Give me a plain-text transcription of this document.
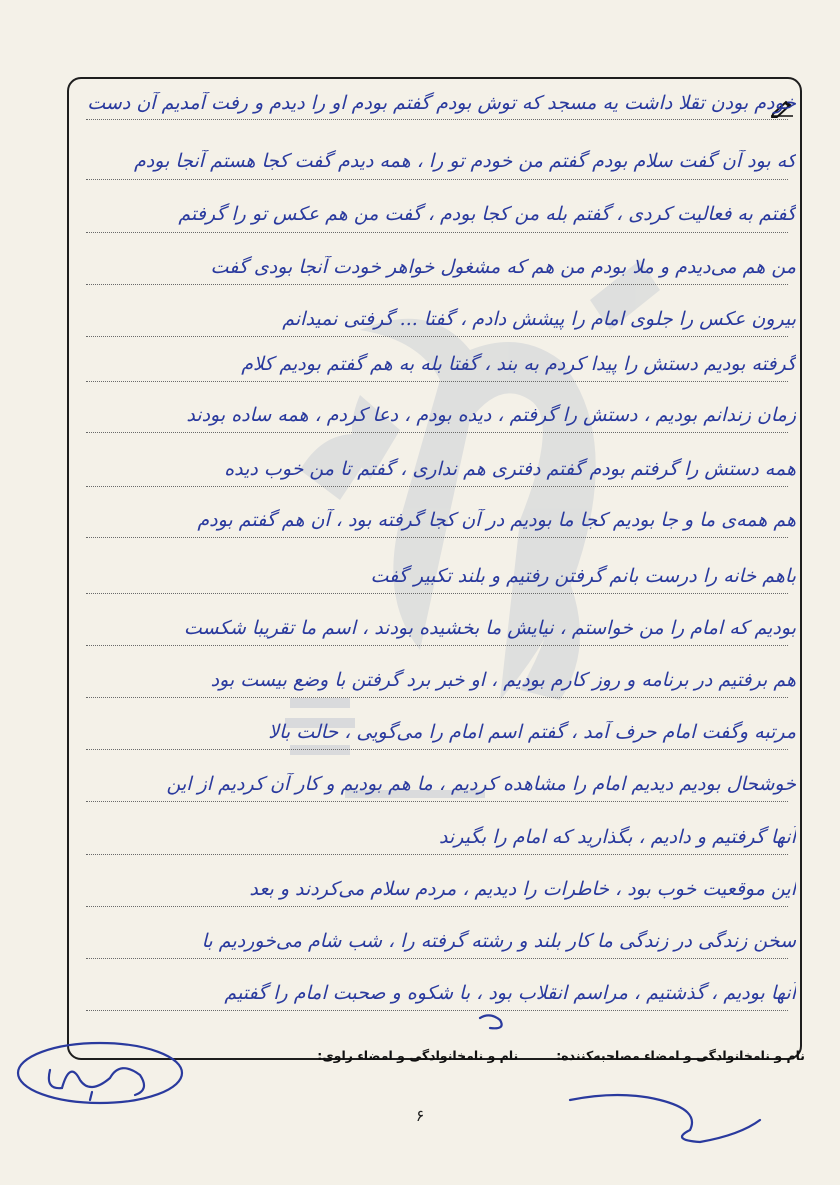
خودم بودن تقلا داشت یه مسجد که توش بودم گفتم بودم او را دیدم و رفت آمدیم آن دست
که بود آن گفت سلام بودم گفتم من خودم تو را ، همه دیدم گفت کجا هستم آنجا بودم
گفتم به فعالیت کردی ، گفتم بله من کجا بودم ، گفت من هم عکس تو را گرفتم
من هم می‌دیدم و ملا بودم من هم که مشغول خواهر خودت آنجا بودی گفت
بیرون عکس را جلوی امام را پیشش دادم ، گفتا ... گرفتی نمیدانم
گرفته بودیم دستش را پیدا کردم به بند ، گفتا بله به هم گفتم بودیم کلام
زمان زندانم بودیم ، دستش را گرفتم ، دیده بودم ، دعا کردم ، همه ساده بودند
همه دستش را گرفتم بودم گفتم دفتری هم نداری ، گفتم تا من خوب دیده
هم همه‌ی ما و جا بودیم کجا ما بودیم در آن کجا گرفته بود ، آن هم گفتم بودم
باهم خانه را درست بانم گرفتن رفتیم و بلند تکبیر گفت
بودیم که امام را من خواستم ، نیایش ما بخشیده بودند ، اسم ما تقریبا شکست
هم برفتیم در برنامه و روز کارم بودیم ، او خبر برد گرفتن با وضع بیست بود
مرتبه وگفت امام حرف آمد ، گفتم اسم امام را می‌گویی ، حالت بالا
خوشحال بودیم دیدیم امام را مشاهده کردیم ، ما هم بودیم و کار آن کردیم از این
آنها گرفتیم و دادیم ، بگذارید که امام را بگیرند
این موقعیت خوب بود ، خاطرات را دیدیم ، مردم سلام می‌کردند و بعد
سخن زندگی در زندگی ما کار بلند و رشته گرفته را ، شب شام می‌خوردیم با
آنها بودیم ، گذشتیم ، مراسم انقلاب بود ، با شکوه و صحبت امام را گفتیم
نام و نامخانوادگی و امضاء مصاحبه‌کننده:
نام و نامخانوادگی و امضاء راوی:
۶
